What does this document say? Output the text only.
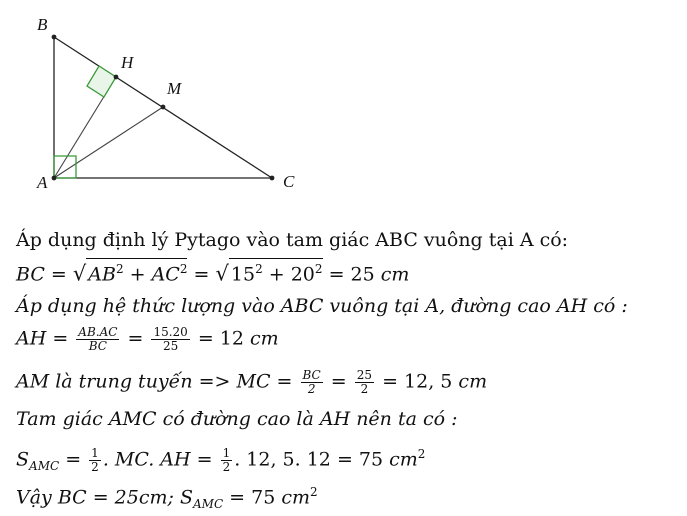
B
H
M
A	C
Áp dụng định lý Pytago vào tam giác ABC vuông tại A có:
BC = √ $AB^2 + AC^2$ = √ $15^2 + 20^2 = 25$ cm
Áp dụng hệ thức lượng vào ABC vuông tại A, đường cao AH có :
AH = $\frac{AB.AC}{BC} = \frac{15.20}{25} = 12$ cm
AM là trung tuyến => MC = $\frac{BC}{2} = \frac{25}{2} = 12$, 5 cm
Tam giác AMC có đường cao là AH nên ta có :
$S_{AMC} = \frac{1}{2}$ . MC. AH = $\frac{1}{2}$ . 12, 5. 12 = 75 $cm^2$
Vậy BC = 25cm; $S_{AMC} = 75$ $cm^2$
